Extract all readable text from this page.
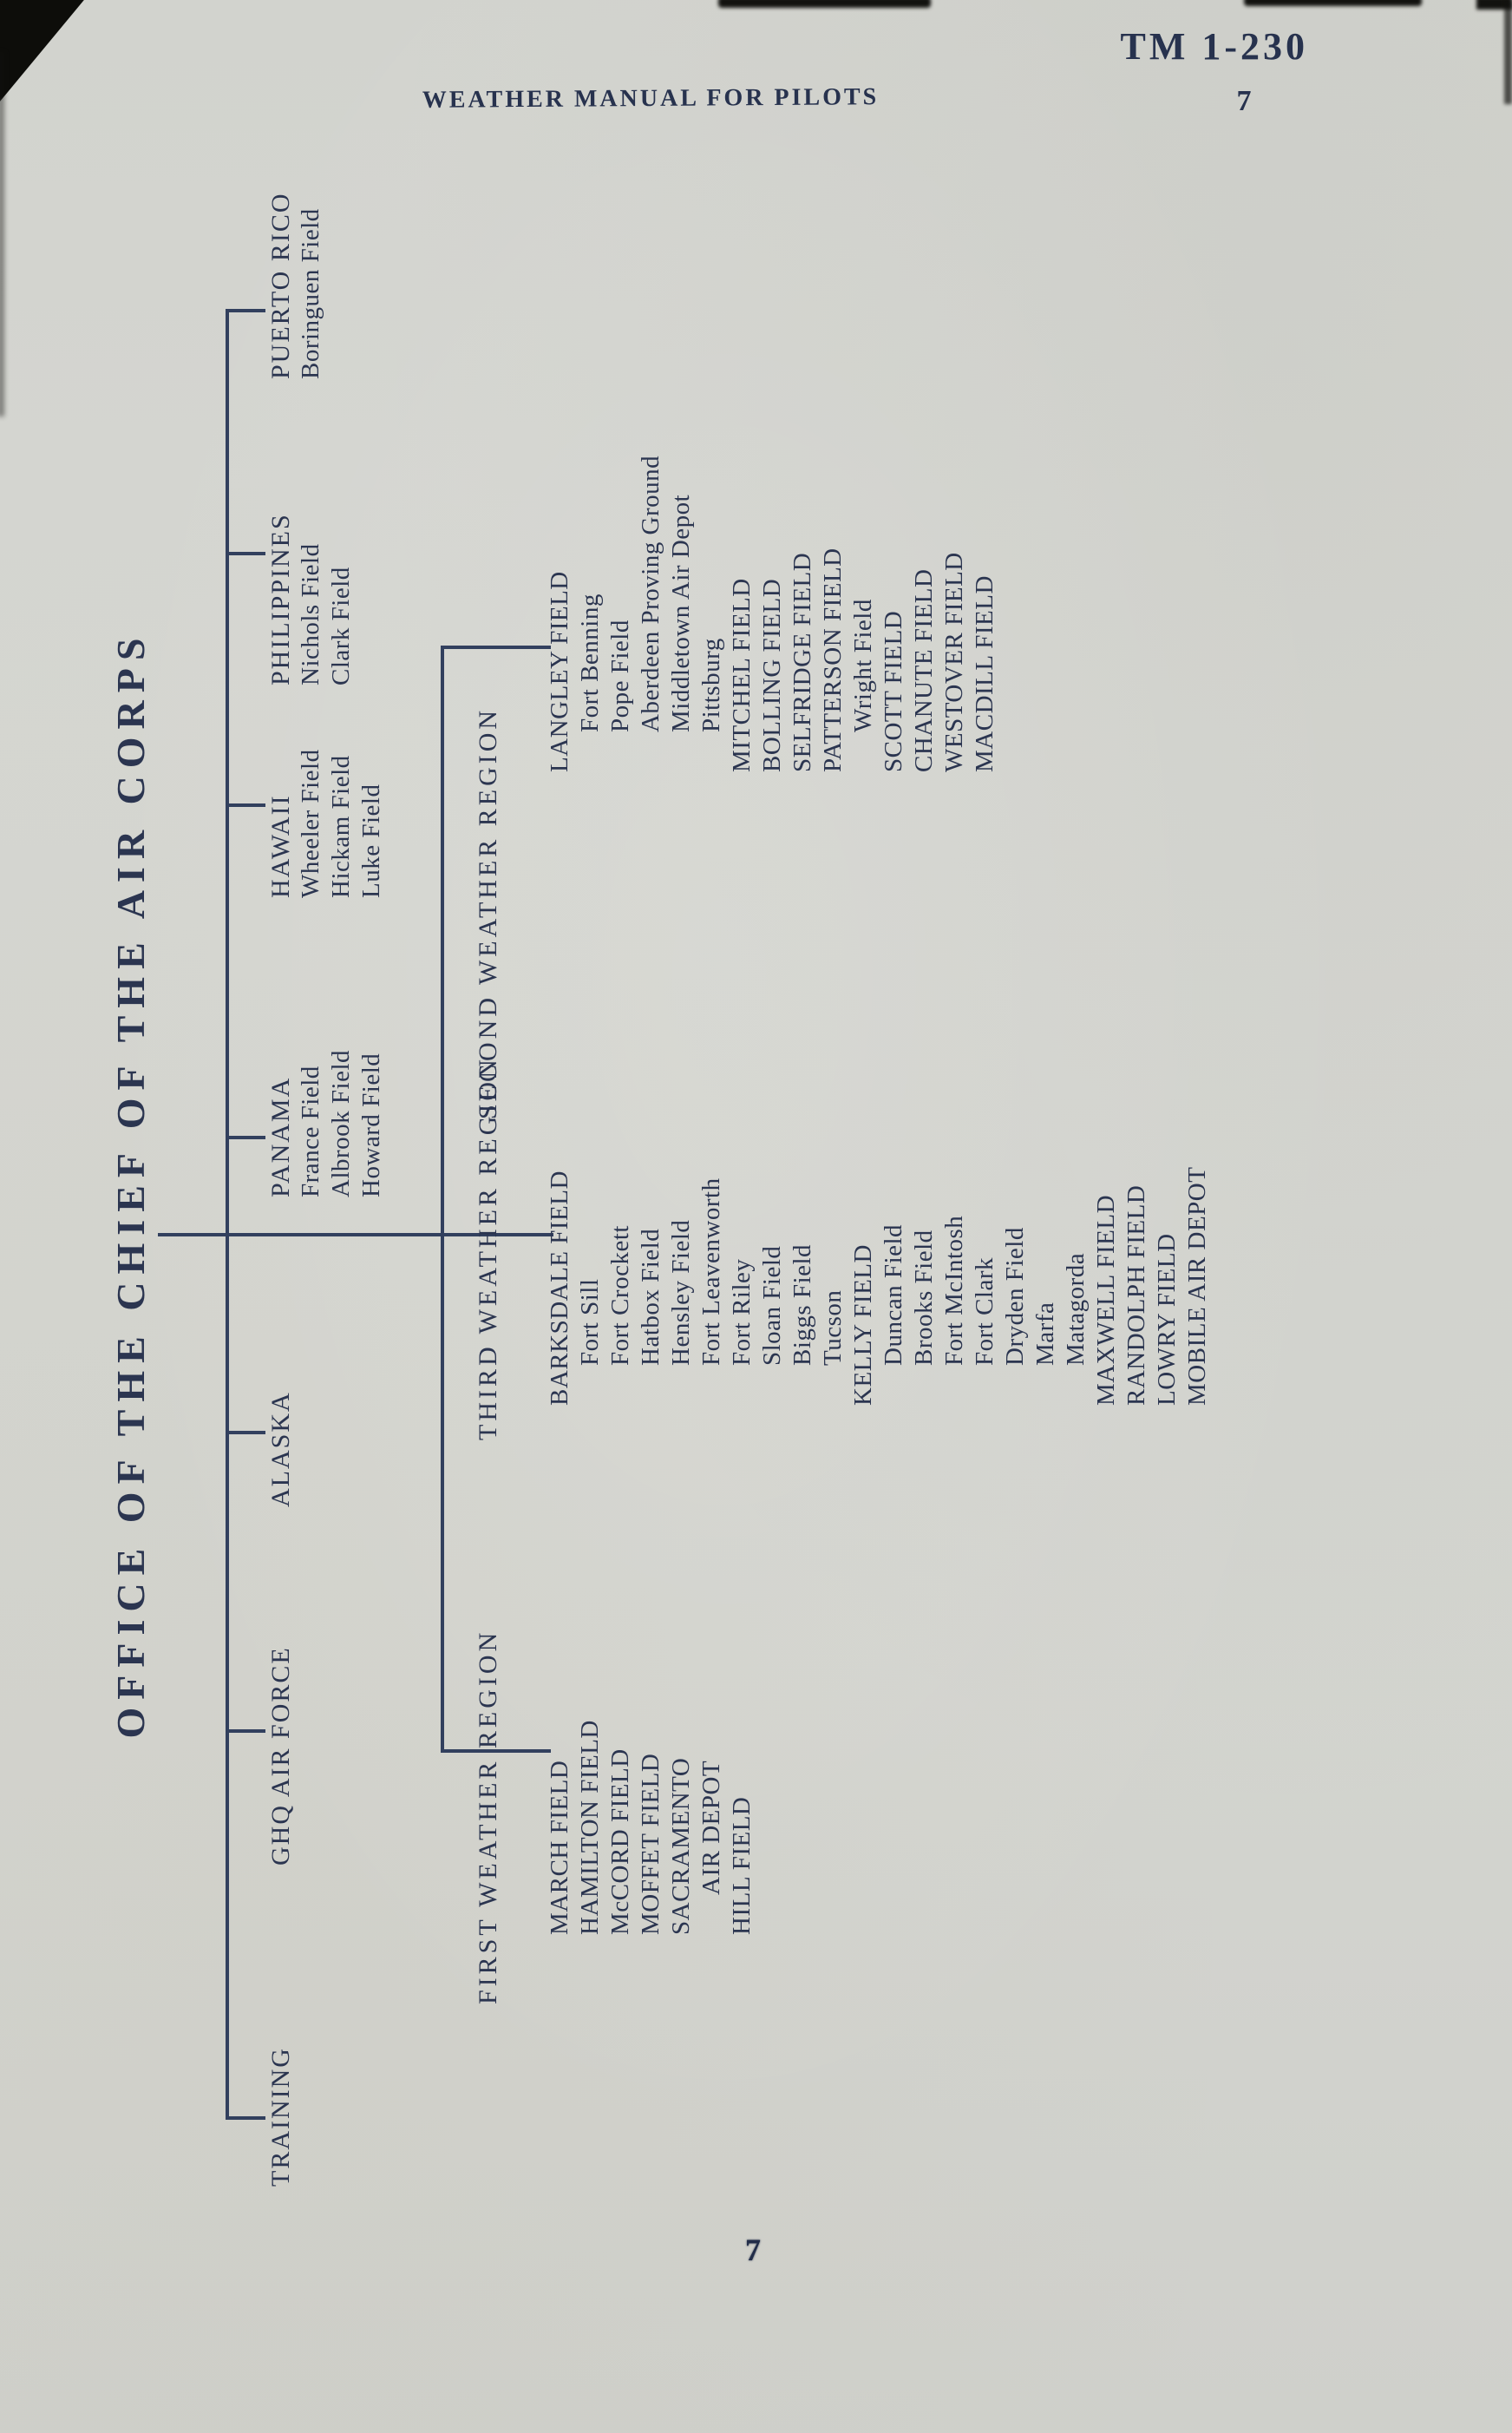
TM 1-230
7
WEATHER MANUAL FOR PILOTS
OFFICE OF THE CHIEF OF THE AIR CORPS
TRAINING
GHQ AIR FORCE
ALASKA
PANAMA France Field Albrook Field Howard Field
HAWAII Wheeler Field Hickam Field Luke Field
PHILIPPINES Nichols Field Clark Field
PUERTO RICO Boringuen Field
FIRST WEATHER REGION
THIRD WEATHER REGION
SECOND WEATHER REGION
MARCH FIELD HAMILTON FIELD McCORD FIELD MOFFET FIELD SACRAMENTO AIR DEPOT HILL FIELD
BARKSDALE FIELD Fort Sill Fort Crockett Hatbox Field Hensley Field Fort Leavenworth Fort Riley Sloan Field Biggs Field Tucson KELLY FIELD Duncan Field Brooks Field Fort McIntosh Fort Clark Dryden Field Marfa Matagorda MAXWELL FIELD RANDOLPH FIELD LOWRY FIELD MOBILE AIR DEPOT
LANGLEY FIELD Fort Benning Pope Field Aberdeen Proving Ground Middletown Air Depot Pittsburg MITCHEL FIELD BOLLING FIELD SELFRIDGE FIELD PATTERSON FIELD Wright Field SCOTT FIELD CHANUTE FIELD WESTOVER FIELD MACDILL FIELD
7
